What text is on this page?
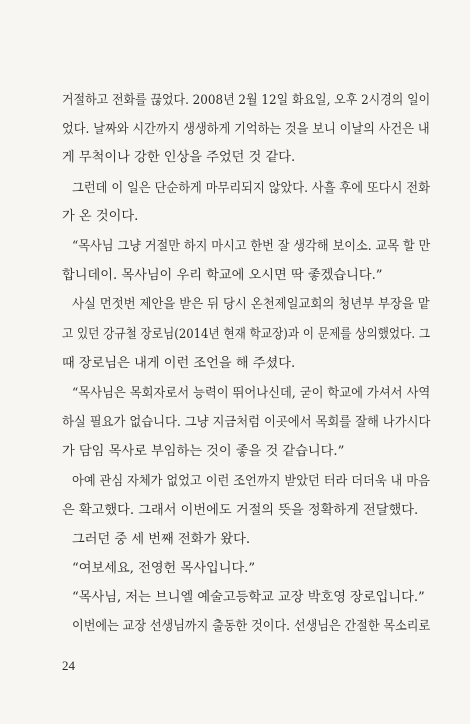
거절하고 전화를 끊었다. 2008년 2월 12일 화요일, 오후 2시경의 일이
었다. 날짜와 시간까지 생생하게 기억하는 것을 보니 이날의 사건은 내
게 무척이나 강한 인상을 주었던 것 같다.
그런데 이 일은 단순하게 마무리되지 않았다. 사흘 후에 또다시 전화
가 온 것이다.
“목사님 그냥 거절만 하지 마시고 한번 잘 생각해 보이소. 교목 할 만
합니데이. 목사님이 우리 학교에 오시면 딱 좋겠습니다.”
사실 먼젓번 제안을 받은 뒤 당시 온천제일교회의 청년부 부장을 맡
고 있던 강규철 장로님(2014년 현재 학교장)과 이 문제를 상의했었다. 그
때 장로님은 내게 이런 조언을 해 주셨다.
“목사님은 목회자로서 능력이 뛰어나신데, 굳이 학교에 가셔서 사역
하실 필요가 없습니다. 그냥 지금처럼 이곳에서 목회를 잘해 나가시다
가 담임 목사로 부임하는 것이 좋을 것 같습니다.”
아예 관심 자체가 없었고 이런 조언까지 받았던 터라 더더욱 내 마음
은 확고했다. 그래서 이번에도 거절의 뜻을 정확하게 전달했다.
그러던 중 세 번째 전화가 왔다.
“여보세요, 전영헌 목사입니다.”
“목사님, 저는 브니엘 예술고등학교 교장 박호영 장로입니다.”
이번에는 교장 선생님까지 출동한 것이다. 선생님은 간절한 목소리로
24
